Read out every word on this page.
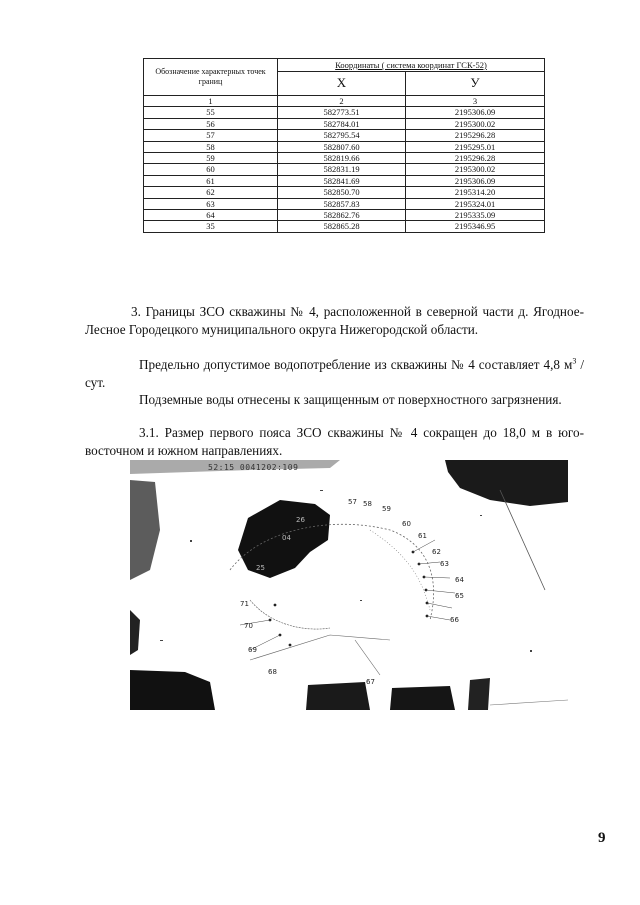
Обозначение характерных точек границ	Координаты ( система координат ГСК-52)	
	X	У
1	2	3
55	582773.51	2195306.09
56	582784.01	2195300.02
57	582795.54	2195296.28
58	582807.60	2195295.01
59	582819.66	2195296.28
60	582831.19	2195300.02
61	582841.69	2195306.09
62	582850.70	2195314.20
63	582857.83	2195324.01
64	582862.76	2195335.09
35	582865.28	2195346.95

3. Границы ЗСО скважины № 4, расположенной в северной части д. Ягодное-Лесное Городецкого муниципального округа Нижегородской области.

Предельно допустимое водопотребление из скважины № 4 составляет 4,8 $м^3$ /сут.

Подземные воды отнесены к защищенным от поверхностного загрязнения.

3.1. Размер первого пояса ЗСО скважины № 4 сокращен до 18,0 м в юго-восточном и южном направлениях.

52:15 0041202:109
57 58
59
60
61
62
63
64
65
66
68
69
70
71
26
04
25
67
9
